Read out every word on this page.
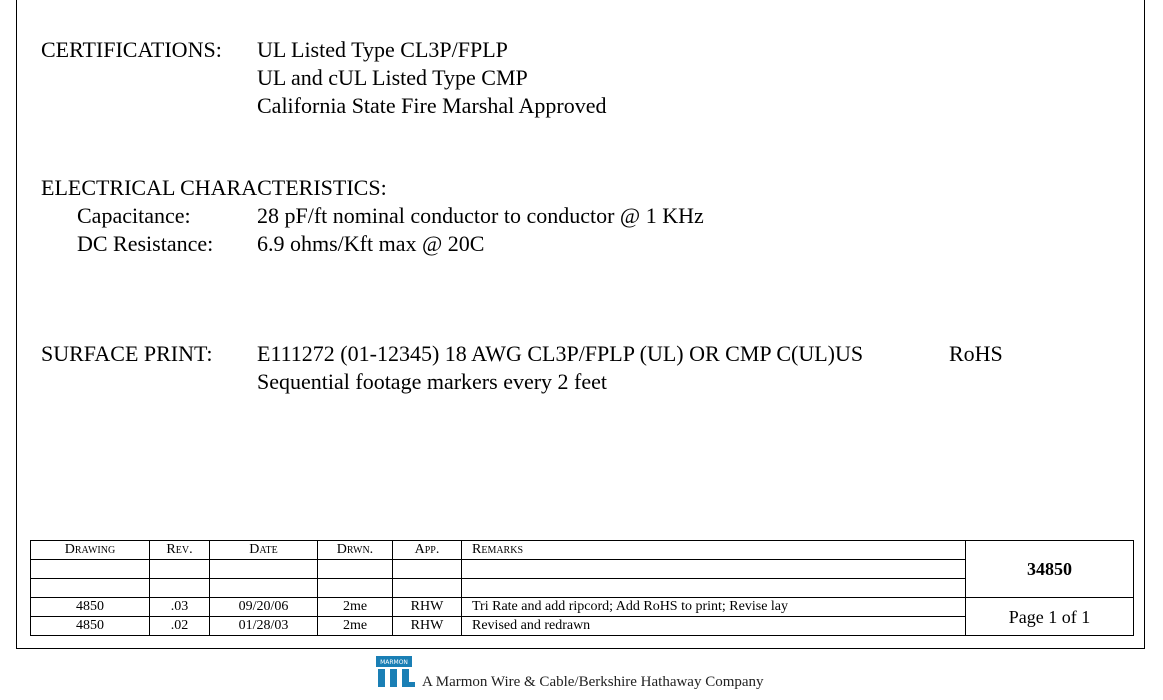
CERTIFICATIONS: UL Listed Type CL3P/FPLP
UL and cUL Listed Type CMP
California State Fire Marshal Approved
ELECTRICAL CHARACTERISTICS:
Capacitance:	28 pF/ft nominal conductor to conductor @ 1 KHz
DC Resistance: 6.9 ohms/Kft max @ 20C
SURFACE PRINT: E111272 (01-12345) 18 AWG CL3P/FPLP (UL) OR CMP C(UL)US	RoHS
Sequential footage markers every 2 feet
Drawing	Rev.	Date	Drwn.	App.	Remarks	34850

4850	.03	09/20/06	2me	RHW	Tri Rate and add ripcord; Add RoHS to print; Revise lay	Page 1 of 1
4850	.02	01/28/03	2me	RHW	Revised and redrawn	
MARMON
A Marmon Wire & Cable/Berkshire Hathaway Company
